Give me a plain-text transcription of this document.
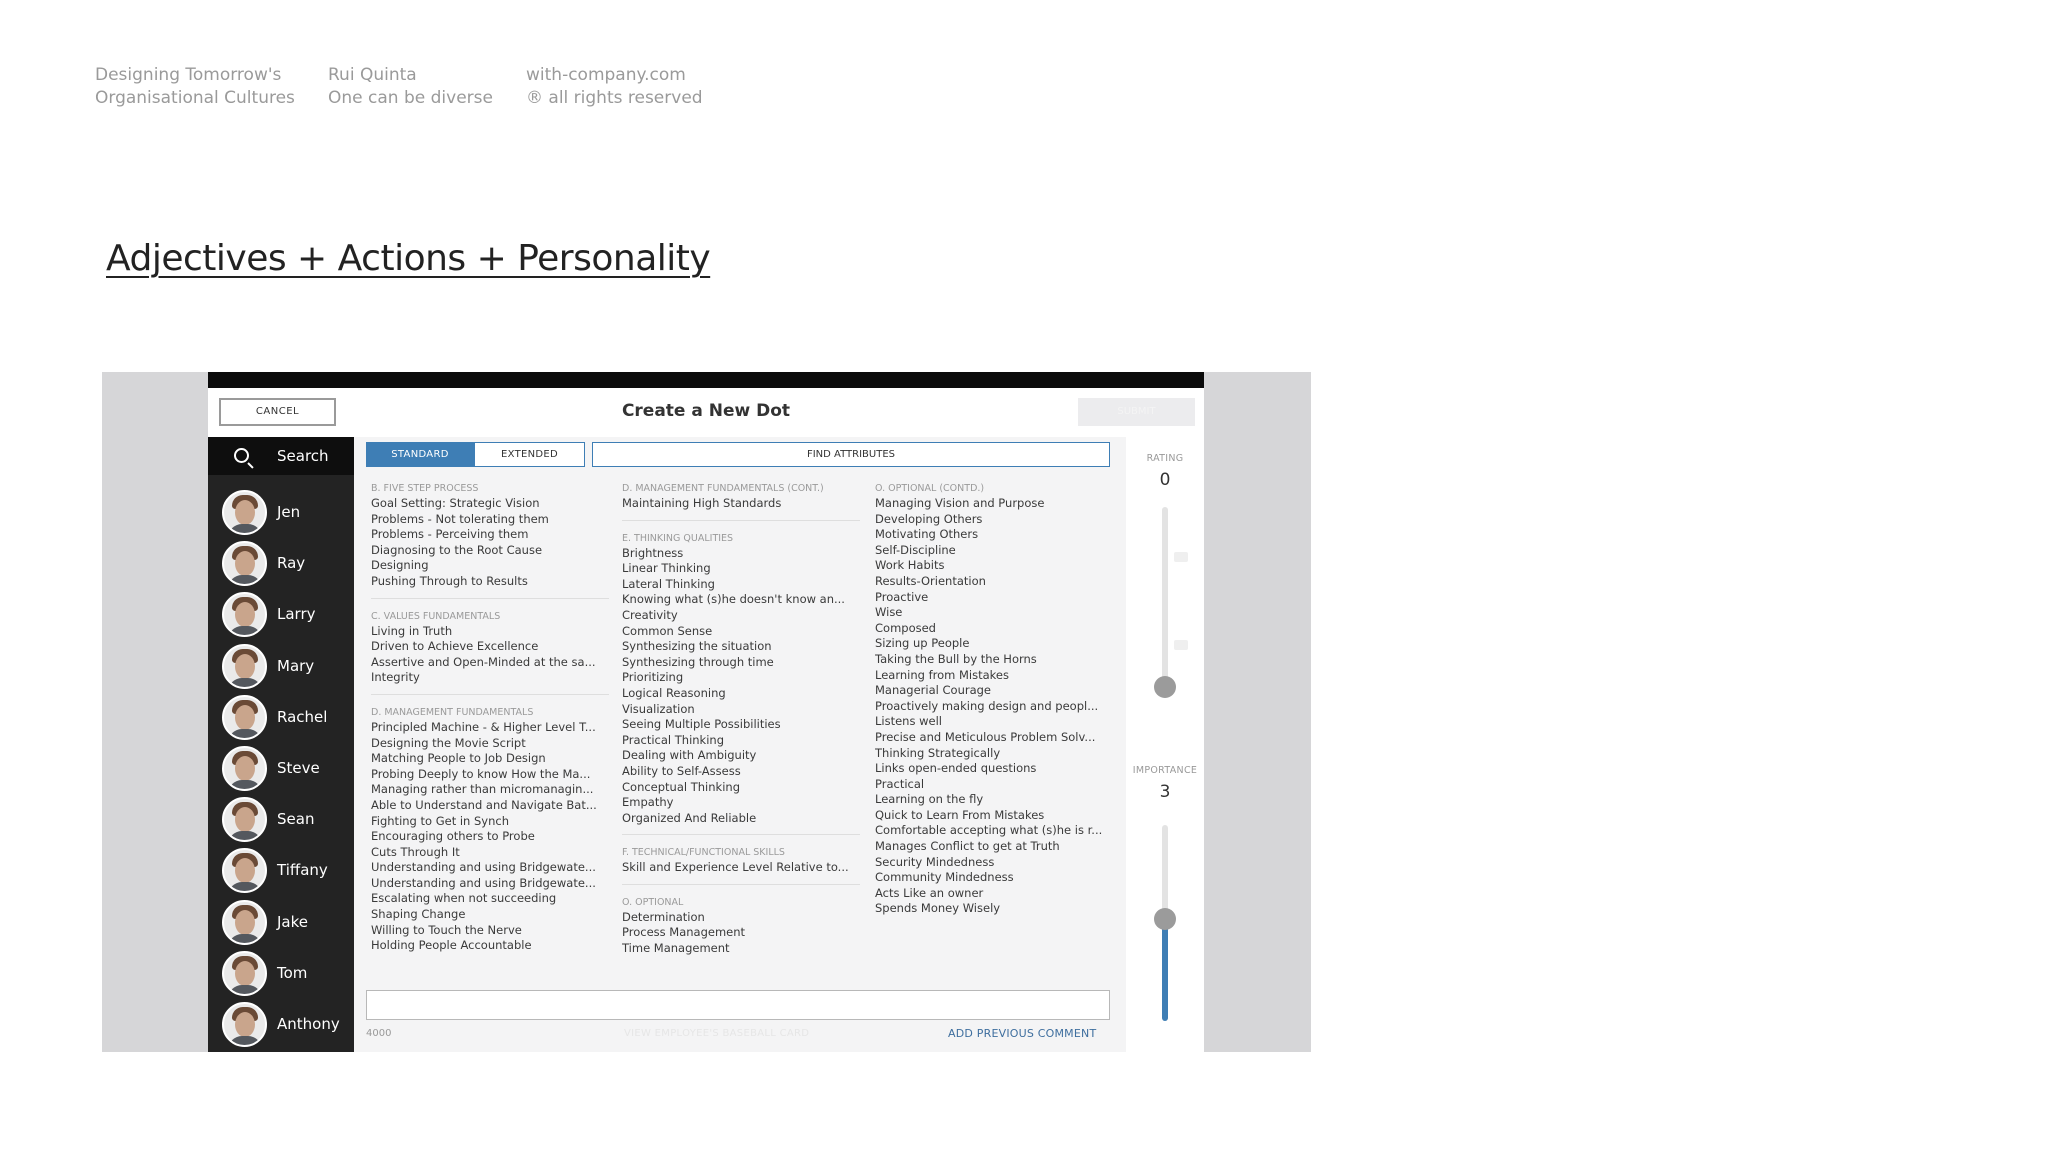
Designing Tomorrow's
Organisational Cultures
Rui Quinta
One can be diverse
with-company.com
® all rights reserved
Adjectives + Actions + Personality
CANCEL	Create a New Dot	SUBMIT
Search
Jen
Ray
Larry
Mary
Rachel
Steve
Sean
Tiffany
Jake
Tom
Anthony
STANDARD	EXTENDED	FIND ATTRIBUTES
B. FIVE STEP PROCESS
Goal Setting: Strategic Vision
Problems - Not tolerating them
Problems - Perceiving them
Diagnosing to the Root Cause
Designing
Pushing Through to Results
C. VALUES FUNDAMENTALS
Living in Truth
Driven to Achieve Excellence
Assertive and Open-Minded at the sa...
Integrity
D. MANAGEMENT FUNDAMENTALS
Principled Machine - & Higher Level T...
Designing the Movie Script
Matching People to Job Design
Probing Deeply to know How the Ma...
Managing rather than micromanagin...
Able to Understand and Navigate Bat...
Fighting to Get in Synch
Encouraging others to Probe
Cuts Through It
Understanding and using Bridgewate...
Understanding and using Bridgewate...
Escalating when not succeeding
Shaping Change
Willing to Touch the Nerve
Holding People Accountable
D. MANAGEMENT FUNDAMENTALS (CONT.)
Maintaining High Standards
E. THINKING QUALITIES
Brightness
Linear Thinking
Lateral Thinking
Knowing what (s)he doesn't know an...
Creativity
Common Sense
Synthesizing the situation
Synthesizing through time
Prioritizing
Logical Reasoning
Visualization
Seeing Multiple Possibilities
Practical Thinking
Dealing with Ambiguity
Ability to Self-Assess
Conceptual Thinking
Empathy
Organized And Reliable
F. TECHNICAL/FUNCTIONAL SKILLS
Skill and Experience Level Relative to...
O. OPTIONAL
Determination
Process Management
Time Management
O. OPTIONAL (CONTD.)
Managing Vision and Purpose
Developing Others
Motivating Others
Self-Discipline
Work Habits
Results-Orientation
Proactive
Wise
Composed
Sizing up People
Taking the Bull by the Horns
Learning from Mistakes
Managerial Courage
Proactively making design and peopl...
Listens well
Precise and Meticulous Problem Solv...
Thinking Strategically
Links open-ended questions
Practical
Learning on the fly
Quick to Learn From Mistakes
Comfortable accepting what (s)he is r...
Manages Conflict to get at Truth
Security Mindedness
Community Mindedness
Acts Like an owner
Spends Money Wisely
4000	VIEW EMPLOYEE'S BASEBALL CARD	ADD PREVIOUS COMMENT
RATING
0
IMPORTANCE
3
